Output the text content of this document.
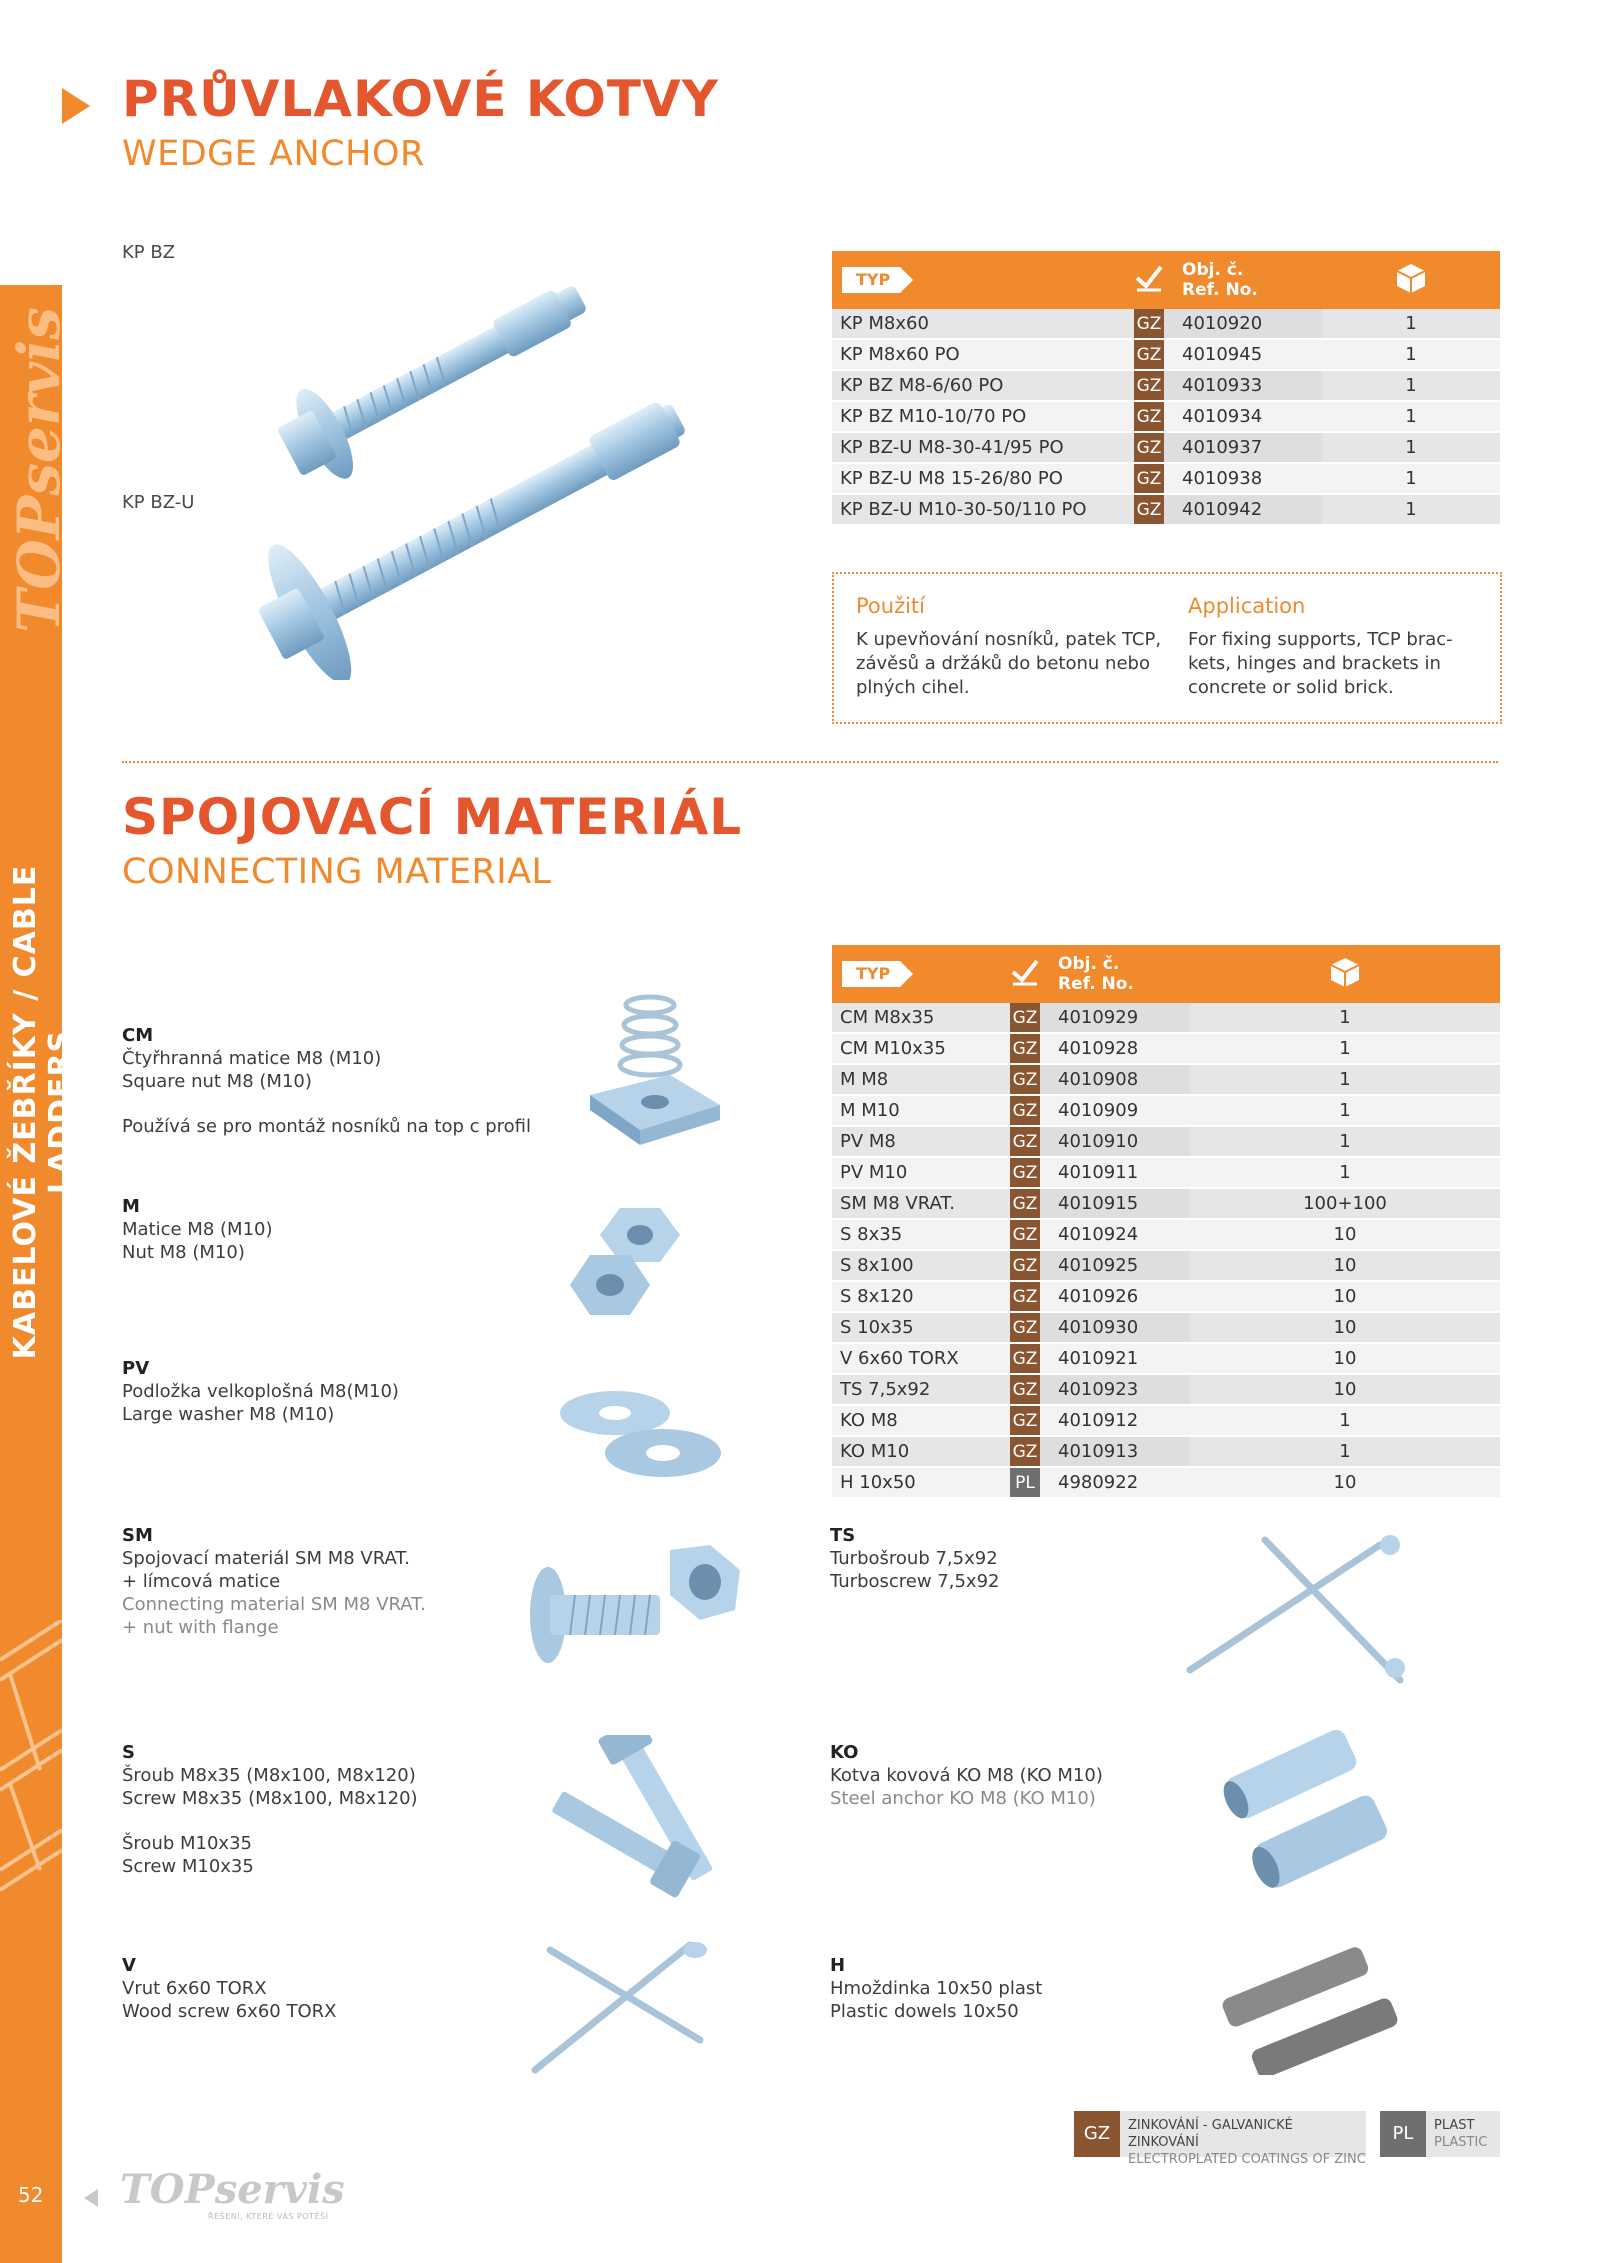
TOPservis
KABELOVÉ ŽEBŘÍKY / CABLE LADDERS
PRŮVLAKOVÉ KOTVY
WEDGE ANCHOR
KP BZ
KP BZ-U
TYP		Obj. č.
Ref. No.

KP M8x60	GZ	4010920	1
KP M8x60 PO	GZ	4010945	1
KP BZ M8-6/60 PO	GZ	4010933	1
KP BZ M10-10/70 PO	GZ	4010934	1
KP BZ-U M8-30-41/95 PO	GZ	4010937	1
KP BZ-U M8 15-26/80 PO	GZ	4010938	1
KP BZ-U M10-30-50/110 PO	GZ	4010942	1
Použití
K upevňování nosníků, patek TCP,
závěsů a držáků do betonu nebo
plných cihel.
Application
For fixing supports, TCP brac-
kets, hinges and brackets in
concrete or solid brick.
SPOJOVACÍ MATERIÁL
CONNECTING MATERIAL
TYP		Obj. č.
Ref. No.

CM M8x35	GZ	4010929	1
CM M10x35	GZ	4010928	1
M M8	GZ	4010908	1
M M10	GZ	4010909	1
PV M8	GZ	4010910	1
PV M10	GZ	4010911	1
SM M8 VRAT.	GZ	4010915	100+100
S 8x35	GZ	4010924	10
S 8x100	GZ	4010925	10
S 8x120	GZ	4010926	10
S 10x35	GZ	4010930	10
V 6x60 TORX	GZ	4010921	10
TS 7,5x92	GZ	4010923	10
KO M8	GZ	4010912	1
KO M10	GZ	4010913	1
H 10x50	PL	4980922	10
CM
Čtyřhranná matice M8 (M10)
Square nut M8 (M10)
Používá se pro montáž nosníků na top c profil
M
Matice M8 (M10)
Nut M8 (M10)
PV
Podložka velkoplošná M8(M10)
Large washer M8 (M10)
SM
Spojovací materiál SM M8 VRAT.
+ límcová matice
Connecting material SM M8 VRAT.
+ nut with flange
S
Šroub M8x35 (M8x100, M8x120)
Screw M8x35 (M8x100, M8x120)
Šroub M10x35
Screw M10x35
V
Vrut 6x60 TORX
Wood screw 6x60 TORX
TS
Turbošroub 7,5x92
Turboscrew 7,5x92
KO
Kotva kovová KO M8 (KO M10)
Steel anchor KO M8 (KO M10)
H
Hmoždinka 10x50 plast
Plastic dowels 10x50
GZ	ZINKOVÁNÍ - GALVANICKÉ ZINKOVÁNÍ
ELECTROPLATED COATINGS OF ZINC
PL	PLAST
PLASTIC
52 TOPservis
ŘEŠENÍ, KTERÉ VÁS POTĚŠÍ
